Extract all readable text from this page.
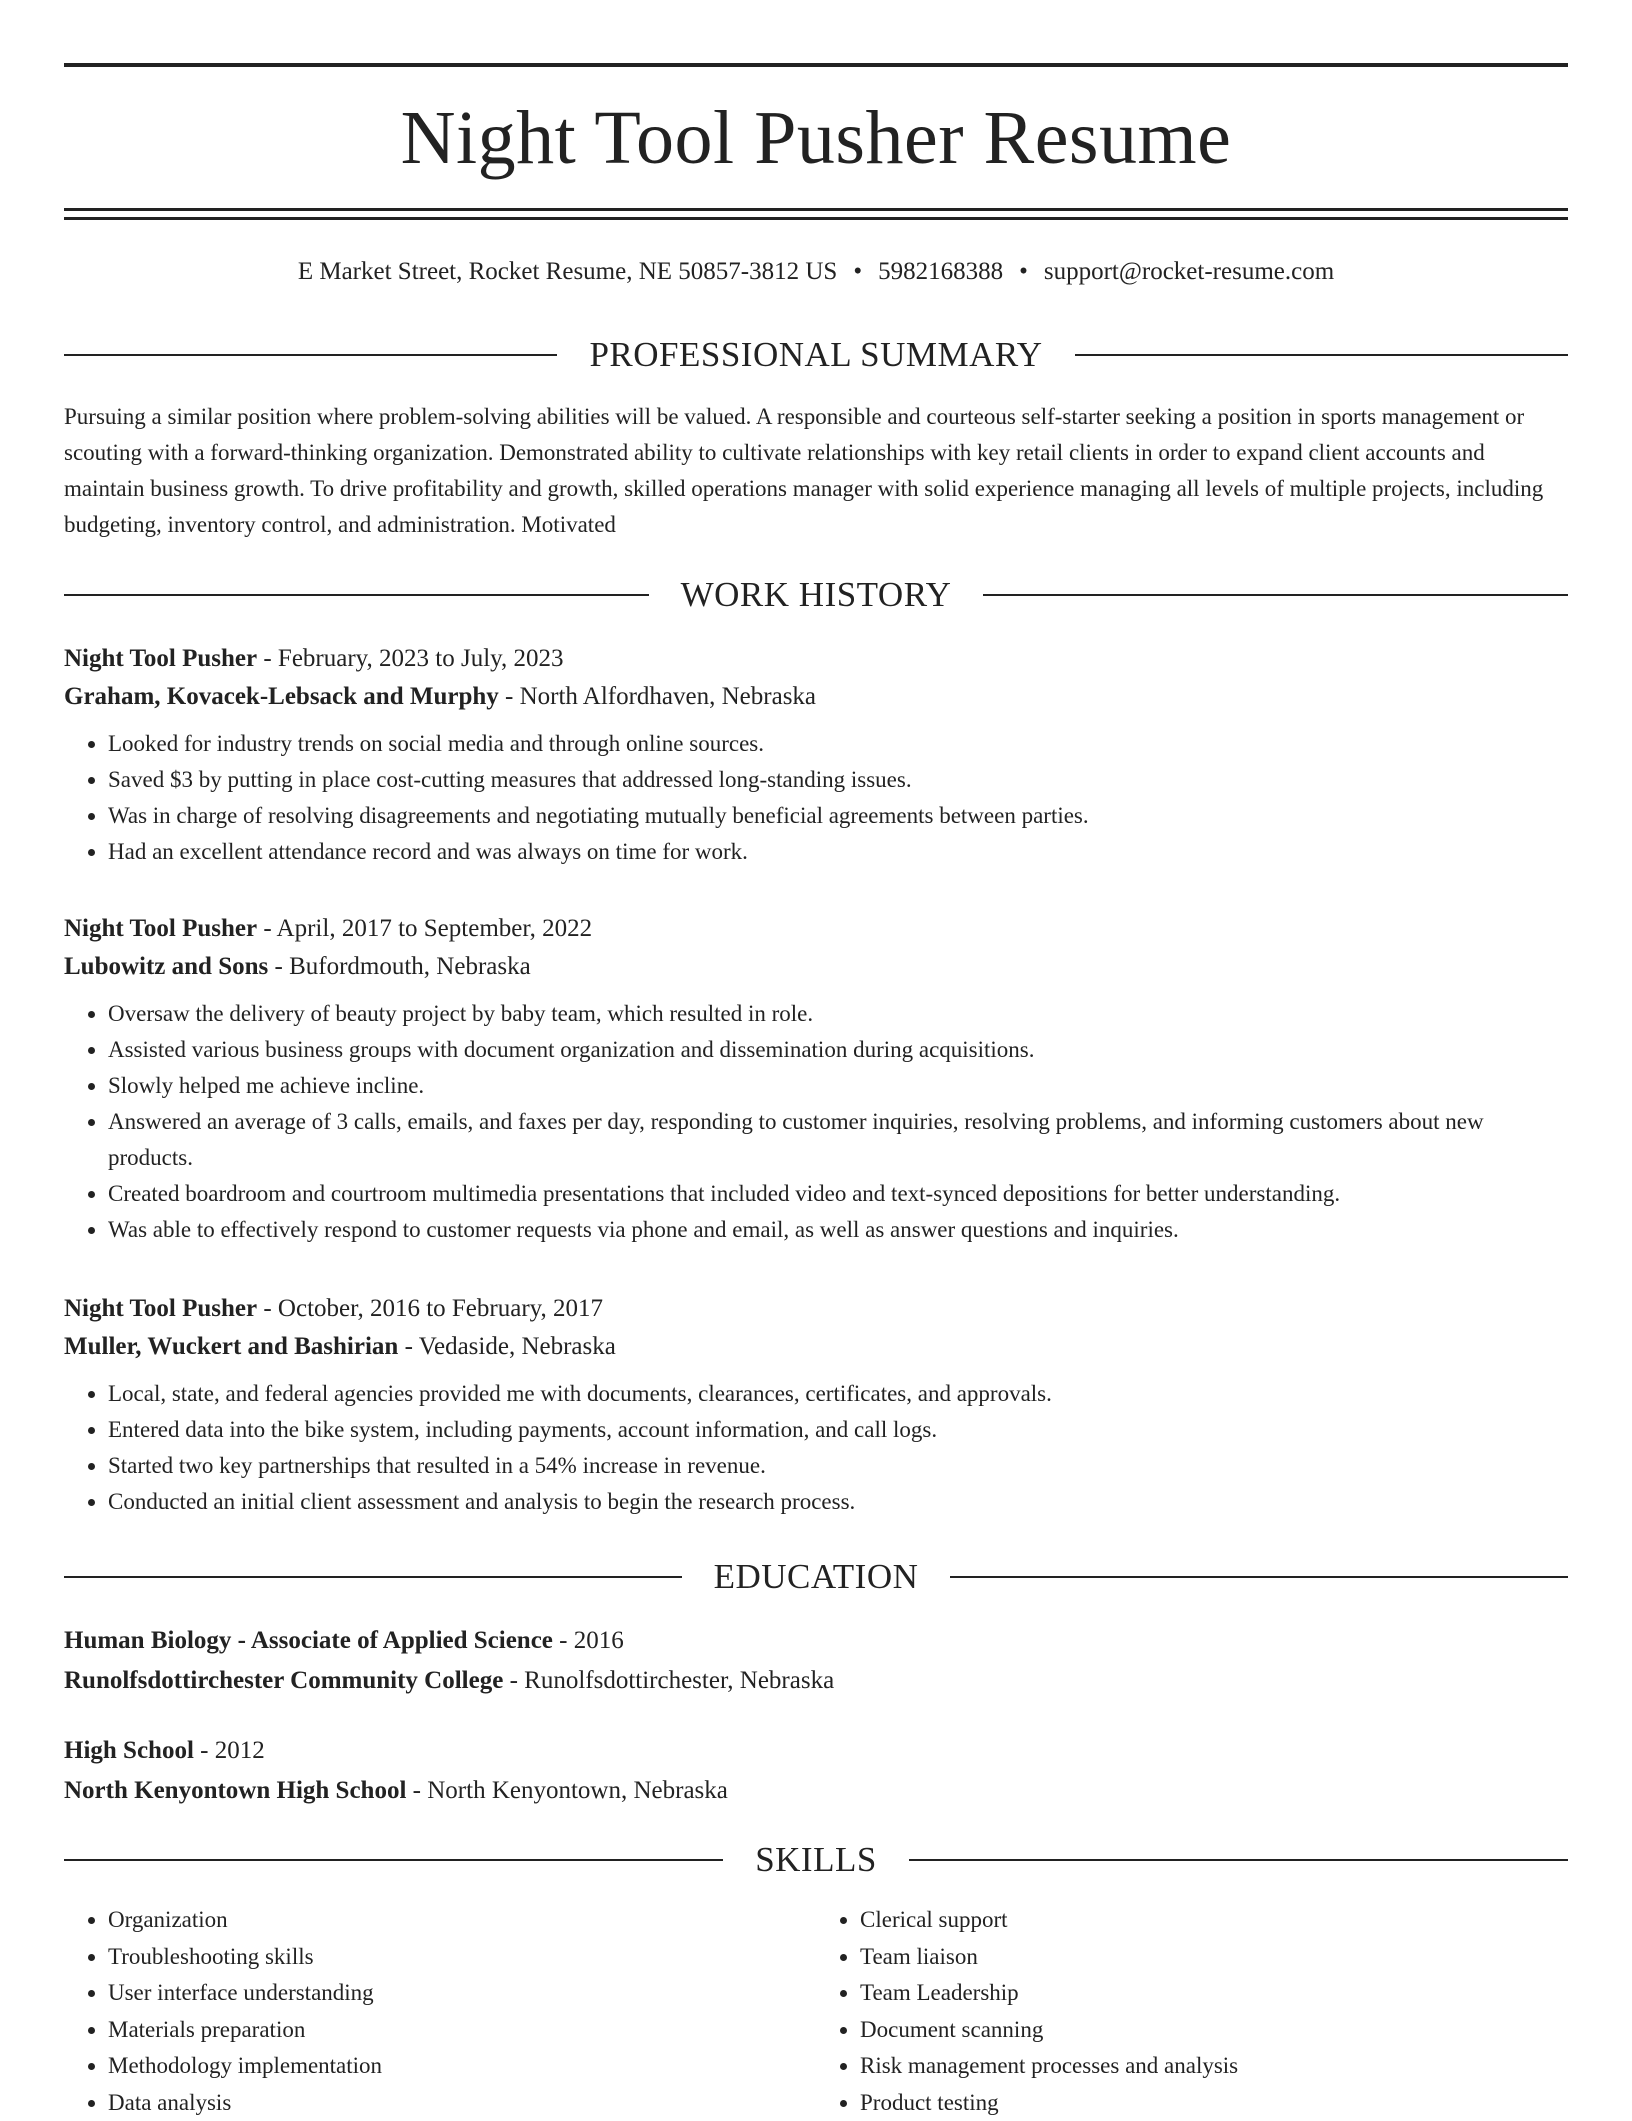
Night Tool Pusher Resume
E Market Street, Rocket Resume, NE 50857-3812 US • 5982168388 • support@rocket-resume.com
PROFESSIONAL SUMMARY

Pursuing a similar position where problem-solving abilities will be valued. A responsible and courteous self-starter seeking a position in sports management or scouting with a forward-thinking organization. Demonstrated ability to cultivate relationships with key retail clients in order to expand client accounts and maintain business growth. To drive profitability and growth, skilled operations manager with solid experience managing all levels of multiple projects, including budgeting, inventory control, and administration. Motivated

WORK HISTORY
Night Tool Pusher - February, 2023 to July, 2023
Graham, Kovacek-Lebsack and Murphy - North Alfordhaven, Nebraska
• Looked for industry trends on social media and through online sources.
• Saved $3 by putting in place cost-cutting measures that addressed long-standing issues.
• Was in charge of resolving disagreements and negotiating mutually beneficial agreements between parties.
• Had an excellent attendance record and was always on time for work.
Night Tool Pusher - April, 2017 to September, 2022
Lubowitz and Sons - Bufordmouth, Nebraska
• Oversaw the delivery of beauty project by baby team, which resulted in role.
• Assisted various business groups with document organization and dissemination during acquisitions.
• Slowly helped me achieve incline.
• Answered an average of 3 calls, emails, and faxes per day, responding to customer inquiries, resolving problems, and informing customers about new products.
• Created boardroom and courtroom multimedia presentations that included video and text-synced depositions for better understanding.
• Was able to effectively respond to customer requests via phone and email, as well as answer questions and inquiries.
Night Tool Pusher - October, 2016 to February, 2017
Muller, Wuckert and Bashirian - Vedaside, Nebraska
• Local, state, and federal agencies provided me with documents, clearances, certificates, and approvals.
• Entered data into the bike system, including payments, account information, and call logs.
• Started two key partnerships that resulted in a 54% increase in revenue.
• Conducted an initial client assessment and analysis to begin the research process.
EDUCATION
Human Biology - Associate of Applied Science - 2016
Runolfsdottirchester Community College - Runolfsdottirchester, Nebraska
High School - 2012
North Kenyontown High School - North Kenyontown, Nebraska
SKILLS
• Organization
• Troubleshooting skills
• User interface understanding
• Materials preparation
• Methodology implementation
• Data analysis
• Clerical support
• Team liaison
• Team Leadership
• Document scanning
• Risk management processes and analysis
• Product testing
